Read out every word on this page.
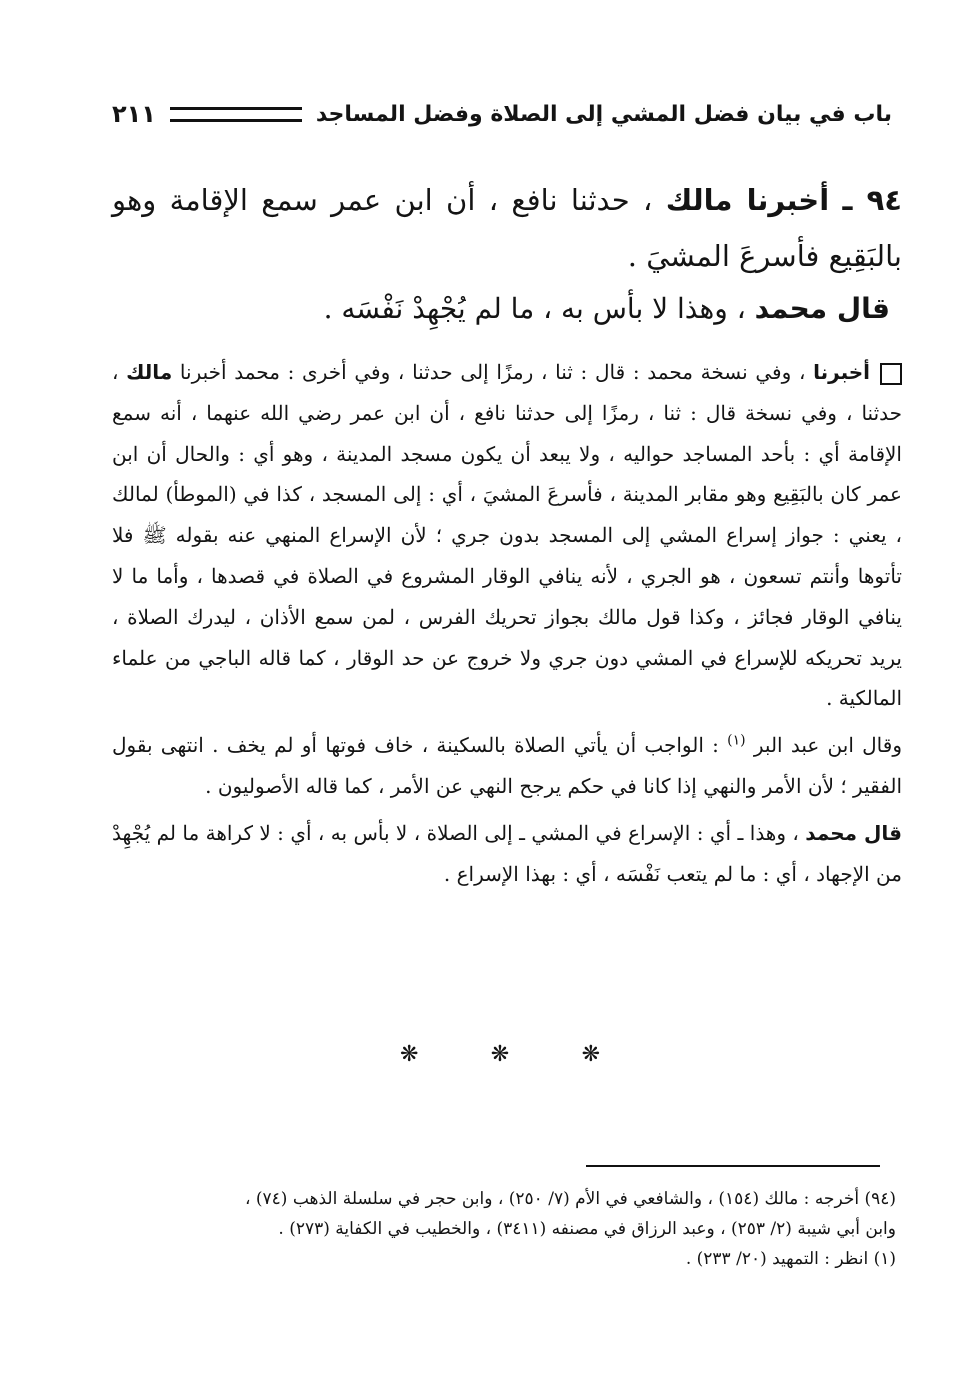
باب في بيان فضل المشي إلى الصلاة وفضل المساجد
٢١١
٩٤ ـ أخبرنا مالك ، حدثنا نافع ، أن ابن عمر سمع الإقامة وهو بالبَقِيع فأسرعَ المشيَ .
قال محمد ، وهذا لا بأس به ، ما لم يُجْهِدْ نَفْسَه .

أخبرنا ، وفي نسخة محمد : قال : ثنا ، رمزًا إلى حدثنا ، وفي أخرى : محمد أخبرنا مالك ، حدثنا ، وفي نسخة قال : ثنا ، رمزًا إلى حدثنا نافع ، أن ابن عمر رضي الله عنهما ، أنه سمع الإقامة أي : بأحد المساجد حواليه ، ولا يبعد أن يكون مسجد المدينة ، وهو أي : والحال أن ابن عمر كان بالبَقِيع وهو مقابر المدينة ، فأسرعَ المشيَ ، أي : إلى المسجد ، كذا في (الموطأ) لمالك ، يعني : جواز إسراع المشي إلى المسجد بدون جري ؛ لأن الإسراع المنهي عنه بقوله ﷺ فلا تأتوها وأنتم تسعون ، هو الجري ، لأنه ينافي الوقار المشروع في الصلاة في قصدها ، وأما ما لا ينافي الوقار فجائز ، وكذا قول مالك بجواز تحريك الفرس ، لمن سمع الأذان ، ليدرك الصلاة ، يريد تحريكه للإسراع في المشي دون جري ولا خروج عن حد الوقار ، كما قاله الباجي من علماء المالكية .

وقال ابن عبد البر $^{(١)}$ : الواجب أن يأتي الصلاة بالسكينة ، خاف فوتها أو لم يخف . انتهى بقول الفقير ؛ لأن الأمر والنهي إذا كانا في حكم يرجح النهي عن الأمر ، كما قاله الأصوليون .

قال محمد ، وهذا ـ أي : الإسراع في المشي ـ إلى الصلاة ، لا بأس به ، أي : لا كراهة ما لم يُجْهِدْ من الإجهاد ، أي : ما لم يتعب نَفْسَه ، أي : بهذا الإسراع .

❋	❋	❋

(٩٤) أخرجه : مالك (١٥٤) ، والشافعي في الأم (٧/ ٢٥٠) ، وابن حجر في سلسلة الذهب (٧٤) ،

وابن أبي شيبة (٢/ ٢٥٣) ، وعبد الرزاق في مصنفه (٣٤١١) ، والخطيب في الكفاية (٢٧٣) .

(١) انظر : التمهيد (٢٠/ ٢٣٣) .
